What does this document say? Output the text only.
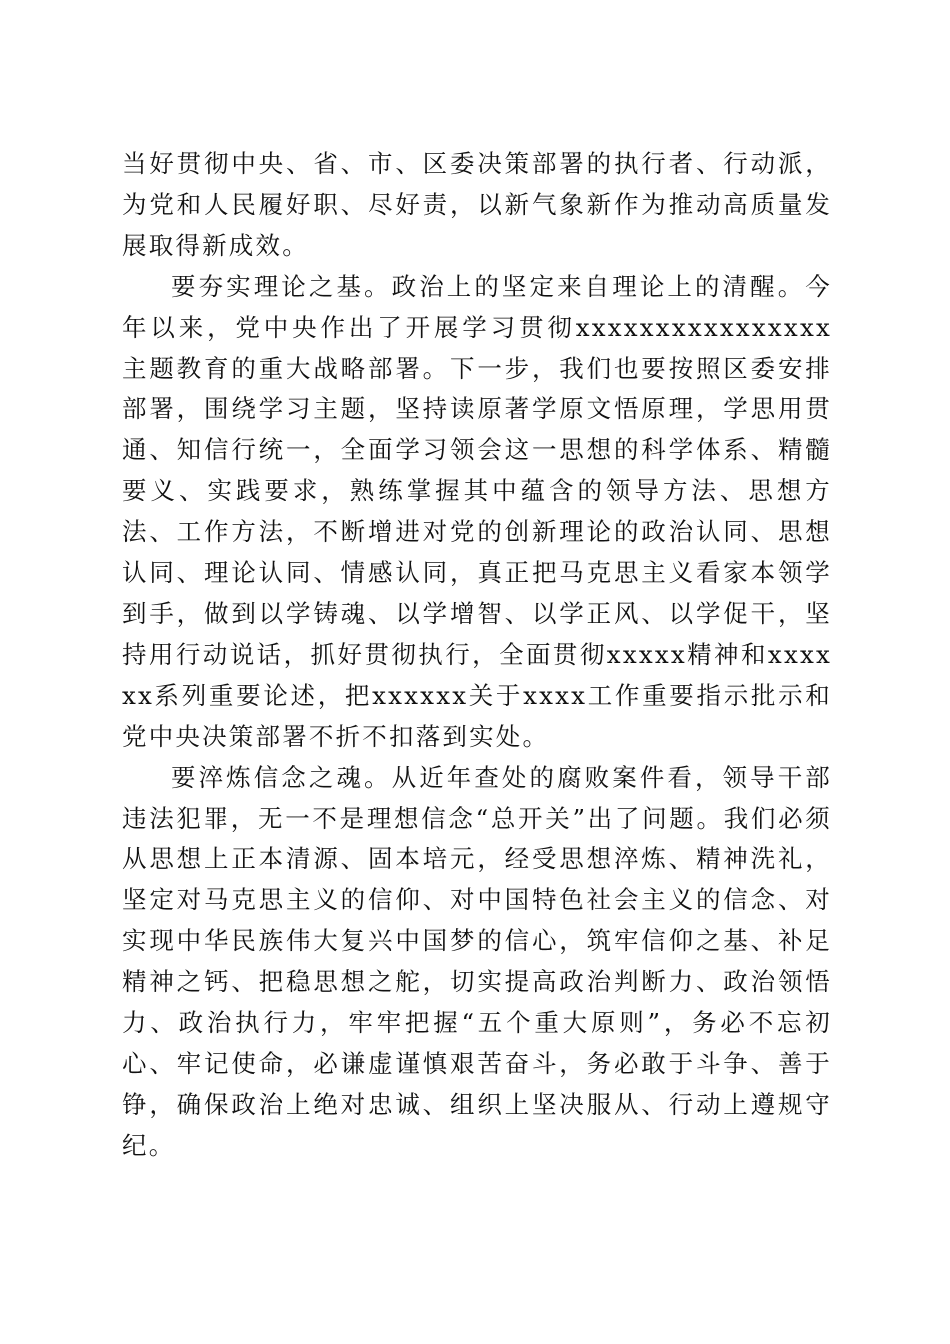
当好贯彻中央、省、市、区委决策部署的执行者、行动派，为党和人民履好职、尽好责，以新气象新作为推动高质量发展取得新成效。

要夯实理论之基。政治上的坚定来自理论上的清醒。今年以来，党中央作出了开展学习贯彻xxxxxxxxxxxxxxxx主题教育的重大战略部署。下一步，我们也要按照区委安排部署，围绕学习主题，坚持读原著学原文悟原理，学思用贯通、知信行统一，全面学习领会这一思想的科学体系、精髓要义、实践要求，熟练掌握其中蕴含的领导方法、思想方法、工作方法，不断增进对党的创新理论的政治认同、思想认同、理论认同、情感认同，真正把马克思主义看家本领学到手，做到以学铸魂、以学增智、以学正风、以学促干，坚持用行动说话，抓好贯彻执行，全面贯彻xxxxx精神和xxxxxx系列重要论述，把xxxxxx关于xxxx工作重要指示批示和党中央决策部署不折不扣落到实处。

要淬炼信念之魂。从近年查处的腐败案件看，领导干部违法犯罪，无一不是理想信念“总开关”出了问题。我们必须从思想上正本清源、固本培元，经受思想淬炼、精神洗礼，坚定对马克思主义的信仰、对中国特色社会主义的信念、对实现中华民族伟大复兴中国梦的信心，筑牢信仰之基、补足精神之钙、把稳思想之舵，切实提高政治判断力、政治领悟力、政治执行力，牢牢把握“五个重大原则”，务必不忘初心、牢记使命，必谦虚谨慎艰苦奋斗，务必敢于斗争、善于铮，确保政治上绝对忠诚、组织上坚决服从、行动上遵规守纪。
